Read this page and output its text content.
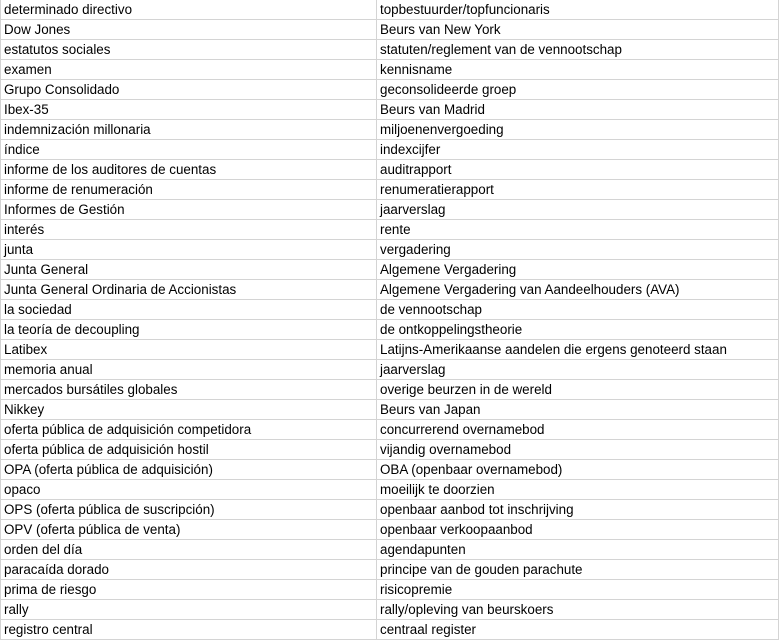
determinado directivo	topbestuurder/topfuncionaris
Dow Jones	Beurs van New York
estatutos sociales	statuten/reglement van de vennootschap
examen	kennisname
Grupo Consolidado	geconsolideerde groep
Ibex-35	Beurs van Madrid
indemnización millonaria	miljoenenvergoeding
índice	indexcijfer
informe de los auditores de cuentas	auditrapport
informe de renumeración	renumeratierapport
Informes de Gestión	jaarverslag
interés	rente
junta	vergadering
Junta General	Algemene Vergadering
Junta General Ordinaria de Accionistas	Algemene Vergadering van Aandeelhouders (AVA)
la sociedad	de vennootschap
la teoría de decoupling	de ontkoppelingstheorie
Latibex	Latijns-Amerikaanse aandelen die ergens genoteerd staan
memoria anual	jaarverslag
mercados bursátiles globales	overige beurzen in de wereld
Nikkey	Beurs van Japan
oferta pública de adquisición competidora	concurrerend overnamebod
oferta pública de adquisición hostil	vijandig overnamebod
OPA (oferta pública de adquisición)	OBA (openbaar overnamebod)
opaco	moeilijk te doorzien
OPS (oferta pública de suscripción)	openbaar aanbod tot inschrijving
OPV (oferta pública de venta)	openbaar verkoopaanbod
orden del día	agendapunten
paracaída dorado	principe van de gouden parachute
prima de riesgo	risicopremie
rally	rally/opleving van beurskoers
registro central	centraal register
